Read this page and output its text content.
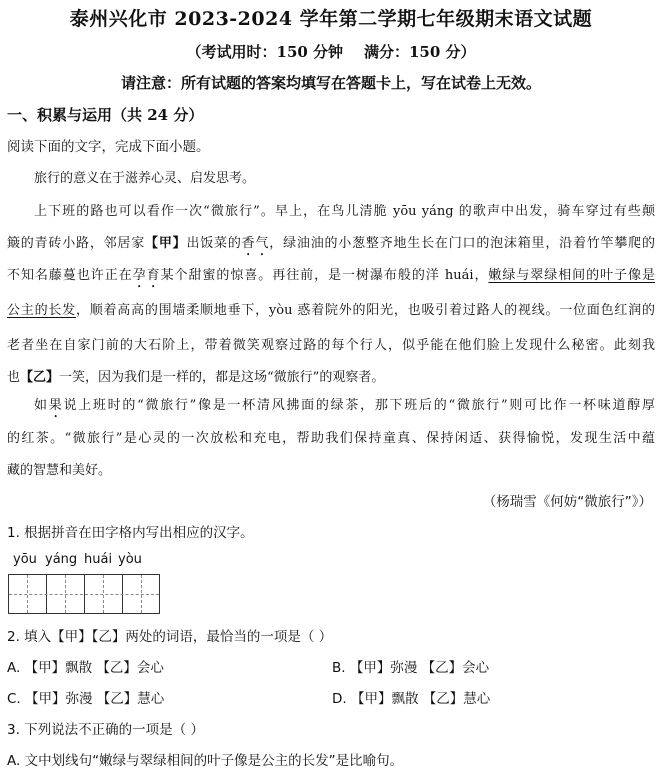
泰州兴化市 2023-2024 学年第二学期七年级期末语文试题
（考试用时：150 分钟    满分：150 分）
请注意：所有试题的答案均填写在答题卡上，写在试卷上无效。
一、积累与运用（共 24 分）
阅读下面的文字，完成下面小题。
旅行的意义在于滋养心灵、启发思考。
上下班的路也可以看作一次“微旅行”。早上，在鸟儿清脆 yōu yáng 的歌声中出发，骑车穿过有些颠
簸的青砖小路，邻居家【甲】出饭菜的香气，绿油油的小葱整齐地生长在门口的泡沫箱里，沿着竹竿攀爬的
不知名藤蔓也许正在孕育某个甜蜜的惊喜。再往前，是一树瀑布般的洋 huái，嫩绿与翠绿相间的叶子像是
公主的长发，顺着高高的围墙柔顺地垂下，yòu 惑着院外的阳光，也吸引着过路人的视线。一位面色红润的
老者坐在自家门前的大石阶上，带着微笑观察过路的每个行人，似乎能在他们脸上发现什么秘密。此刻我
也【乙】一笑，因为我们是一样的，都是这场“微旅行”的观察者。
如果说上班时的“微旅行”像是一杯清风拂面的绿茶，那下班后的“微旅行”则可比作一杯味道醇厚
的红茶。“微旅行”是心灵的一次放松和充电，帮助我们保持童真、保持闲适、获得愉悦，发现生活中蕴
藏的智慧和美好。
（杨瑞雪《何妨“微旅行”》）
1. 根据拼音在田字格内写出相应的汉字。
yōu yáng huái yòu
2. 填入【甲】【乙】两处的词语，最恰当的一项是（ ）
A. 【甲】飘散 【乙】会心	B. 【甲】弥漫 【乙】会心
C. 【甲】弥漫 【乙】慧心	D. 【甲】飘散 【乙】慧心
3. 下列说法不正确的一项是（ ）
A. 文中划线句“嫩绿与翠绿相间的叶子像是公主的长发”是比喻句。
